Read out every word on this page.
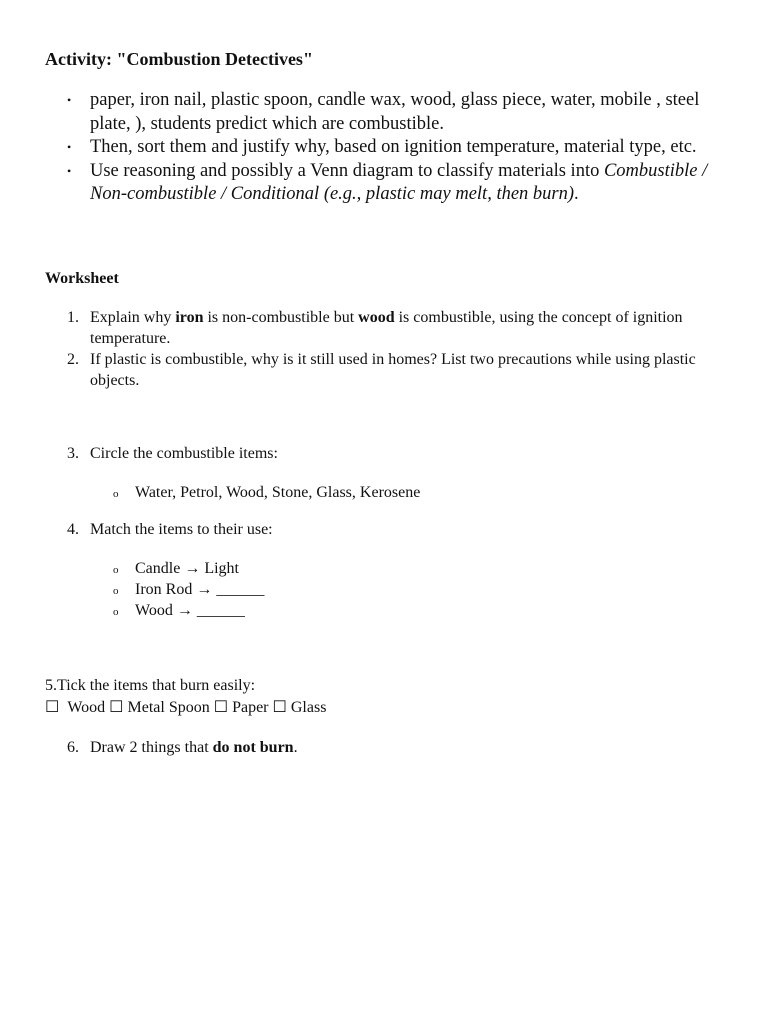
Activity: "Combustion Detectives"
• paper, iron nail, plastic spoon, candle wax, wood, glass piece, water, mobile , steel plate, ), students predict which are combustible.
• Then, sort them and justify why, based on ignition temperature, material type, etc.
• Use reasoning and possibly a Venn diagram to classify materials into Combustible / Non-combustible / Conditional (e.g., plastic may melt, then burn).
Worksheet
1. Explain why iron is non-combustible but wood is combustible, using the concept of ignition temperature.
2. If plastic is combustible, why is it still used in homes? List two precautions while using plastic objects.
3. Circle the combustible items:
o Water, Petrol, Wood, Stone, Glass, Kerosene
4. Match the items to their use:
o Candle → Light
o Iron Rod → ______
o Wood → ______
5.Tick the items that burn easily:
☐ Wood ☐ Metal Spoon ☐ Paper ☐ Glass
6. Draw 2 things that do not burn.
